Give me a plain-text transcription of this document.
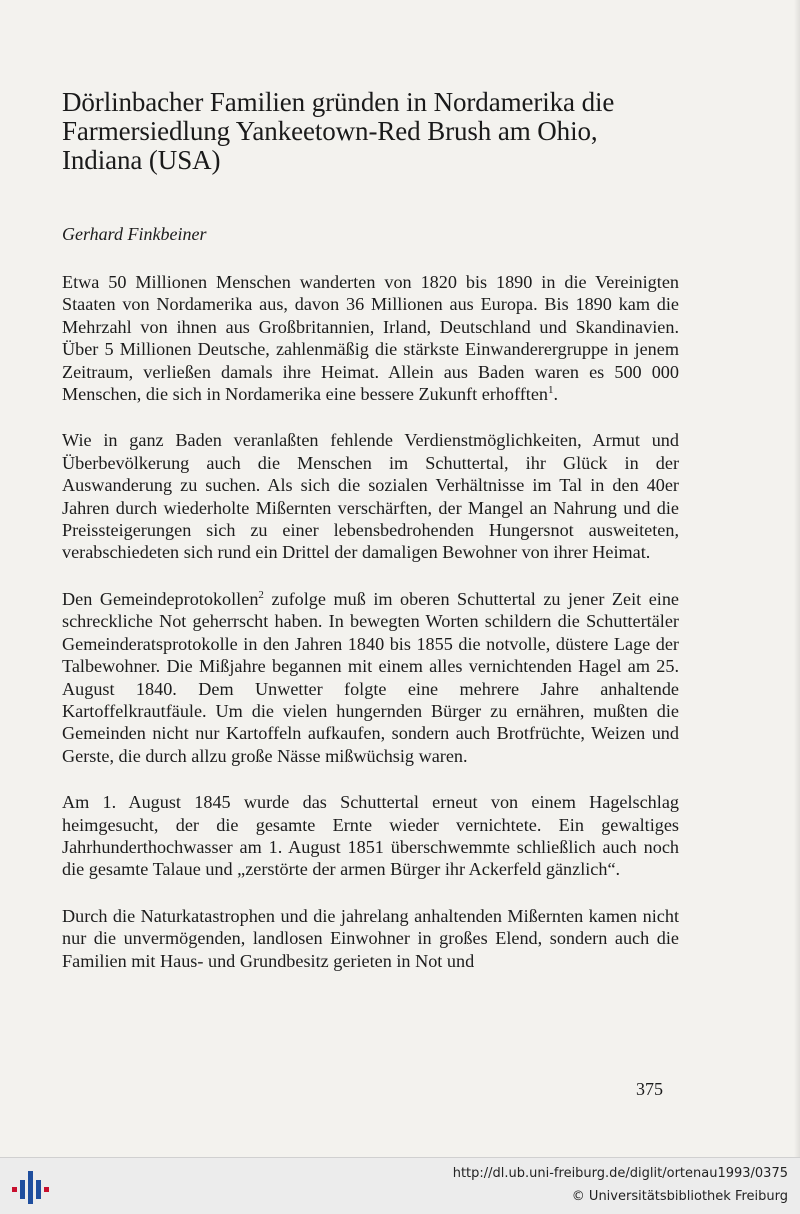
Dörlinbacher Familien gründen in Nordamerika die Farmersiedlung Yankeetown-Red Brush am Ohio, Indiana (USA)
Gerhard Finkbeiner

Etwa 50 Millionen Menschen wanderten von 1820 bis 1890 in die Vereinigten Staaten von Nordamerika aus, davon 36 Millionen aus Europa. Bis 1890 kam die Mehrzahl von ihnen aus Großbritannien, Irland, Deutschland und Skandinavien. Über 5 Millionen Deutsche, zahlenmäßig die stärkste Einwanderergruppe in jenem Zeitraum, verließen damals ihre Heimat. Allein aus Baden waren es 500 000 Menschen, die sich in Nordamerika eine bessere Zukunft erhofften$^1$.

Wie in ganz Baden veranlaßten fehlende Verdienstmöglichkeiten, Armut und Überbevölkerung auch die Menschen im Schuttertal, ihr Glück in der Auswanderung zu suchen. Als sich die sozialen Verhältnisse im Tal in den 40er Jahren durch wiederholte Mißernten verschärften, der Mangel an Nahrung und die Preissteigerungen sich zu einer lebensbedrohenden Hungersnot ausweiteten, verabschiedeten sich rund ein Drittel der damaligen Bewohner von ihrer Heimat.

Den Gemeindeprotokollen$^2$ zufolge muß im oberen Schuttertal zu jener Zeit eine schreckliche Not geherrscht haben. In bewegten Worten schildern die Schuttertäler Gemeinderatsprotokolle in den Jahren 1840 bis 1855 die notvolle, düstere Lage der Talbewohner. Die Mißjahre begannen mit einem alles vernichtenden Hagel am 25. August 1840. Dem Unwetter folgte eine mehrere Jahre anhaltende Kartoffelkrautfäule. Um die vielen hungernden Bürger zu ernähren, mußten die Gemeinden nicht nur Kartoffeln aufkaufen, sondern auch Brotfrüchte, Weizen und Gerste, die durch allzu große Nässe mißwüchsig waren.

Am 1. August 1845 wurde das Schuttertal erneut von einem Hagelschlag heimgesucht, der die gesamte Ernte wieder vernichtete. Ein gewaltiges Jahrhunderthochwasser am 1. August 1851 überschwemmte schließlich auch noch die gesamte Talaue und „zerstörte der armen Bürger ihr Ackerfeld gänzlich“.

Durch die Naturkatastrophen und die jahrelang anhaltenden Mißernten kamen nicht nur die unvermögenden, landlosen Einwohner in großes Elend, sondern auch die Familien mit Haus- und Grundbesitz gerieten in Not und

375
http://dl.ub.uni-freiburg.de/diglit/ortenau1993/0375
© Universitätsbibliothek Freiburg
